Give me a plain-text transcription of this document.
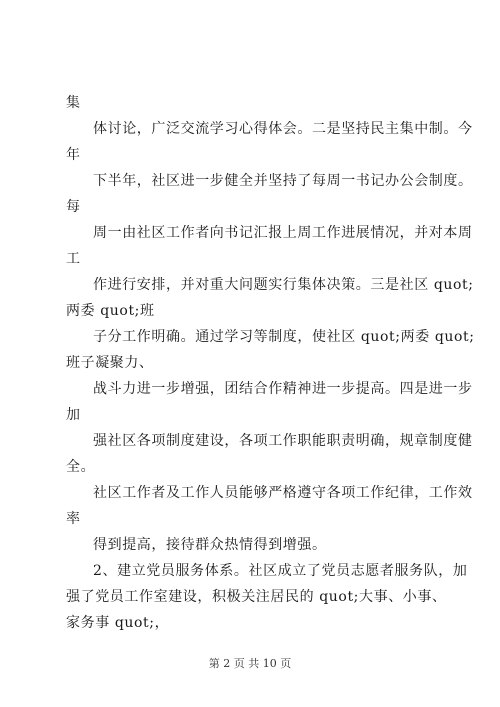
集
体讨论，广泛交流学习心得体会。二是坚持民主集中制。今
年
下半年，社区进一步健全并坚持了每周一书记办公会制度。
每
周一由社区工作者向书记汇报上周工作进展情况，并对本周
工
作进行安排，并对重大问题实行集体决策。三是社区 quot;
两委 quot;班
子分工作明确。通过学习等制度，使社区 quot;两委 quot;
班子凝聚力、
战斗力进一步增强，团结合作精神进一步提高。四是进一步
加
强社区各项制度建设，各项工作职能职责明确，规章制度健
全。
社区工作者及工作人员能够严格遵守各项工作纪律，工作效
率
得到提高，接待群众热情得到增强。
2、建立党员服务体系。社区成立了党员志愿者服务队，加
强了党员工作室建设，积极关注居民的 quot;大事、小事、
家务事 quot;，
第 2 页 共 10 页
